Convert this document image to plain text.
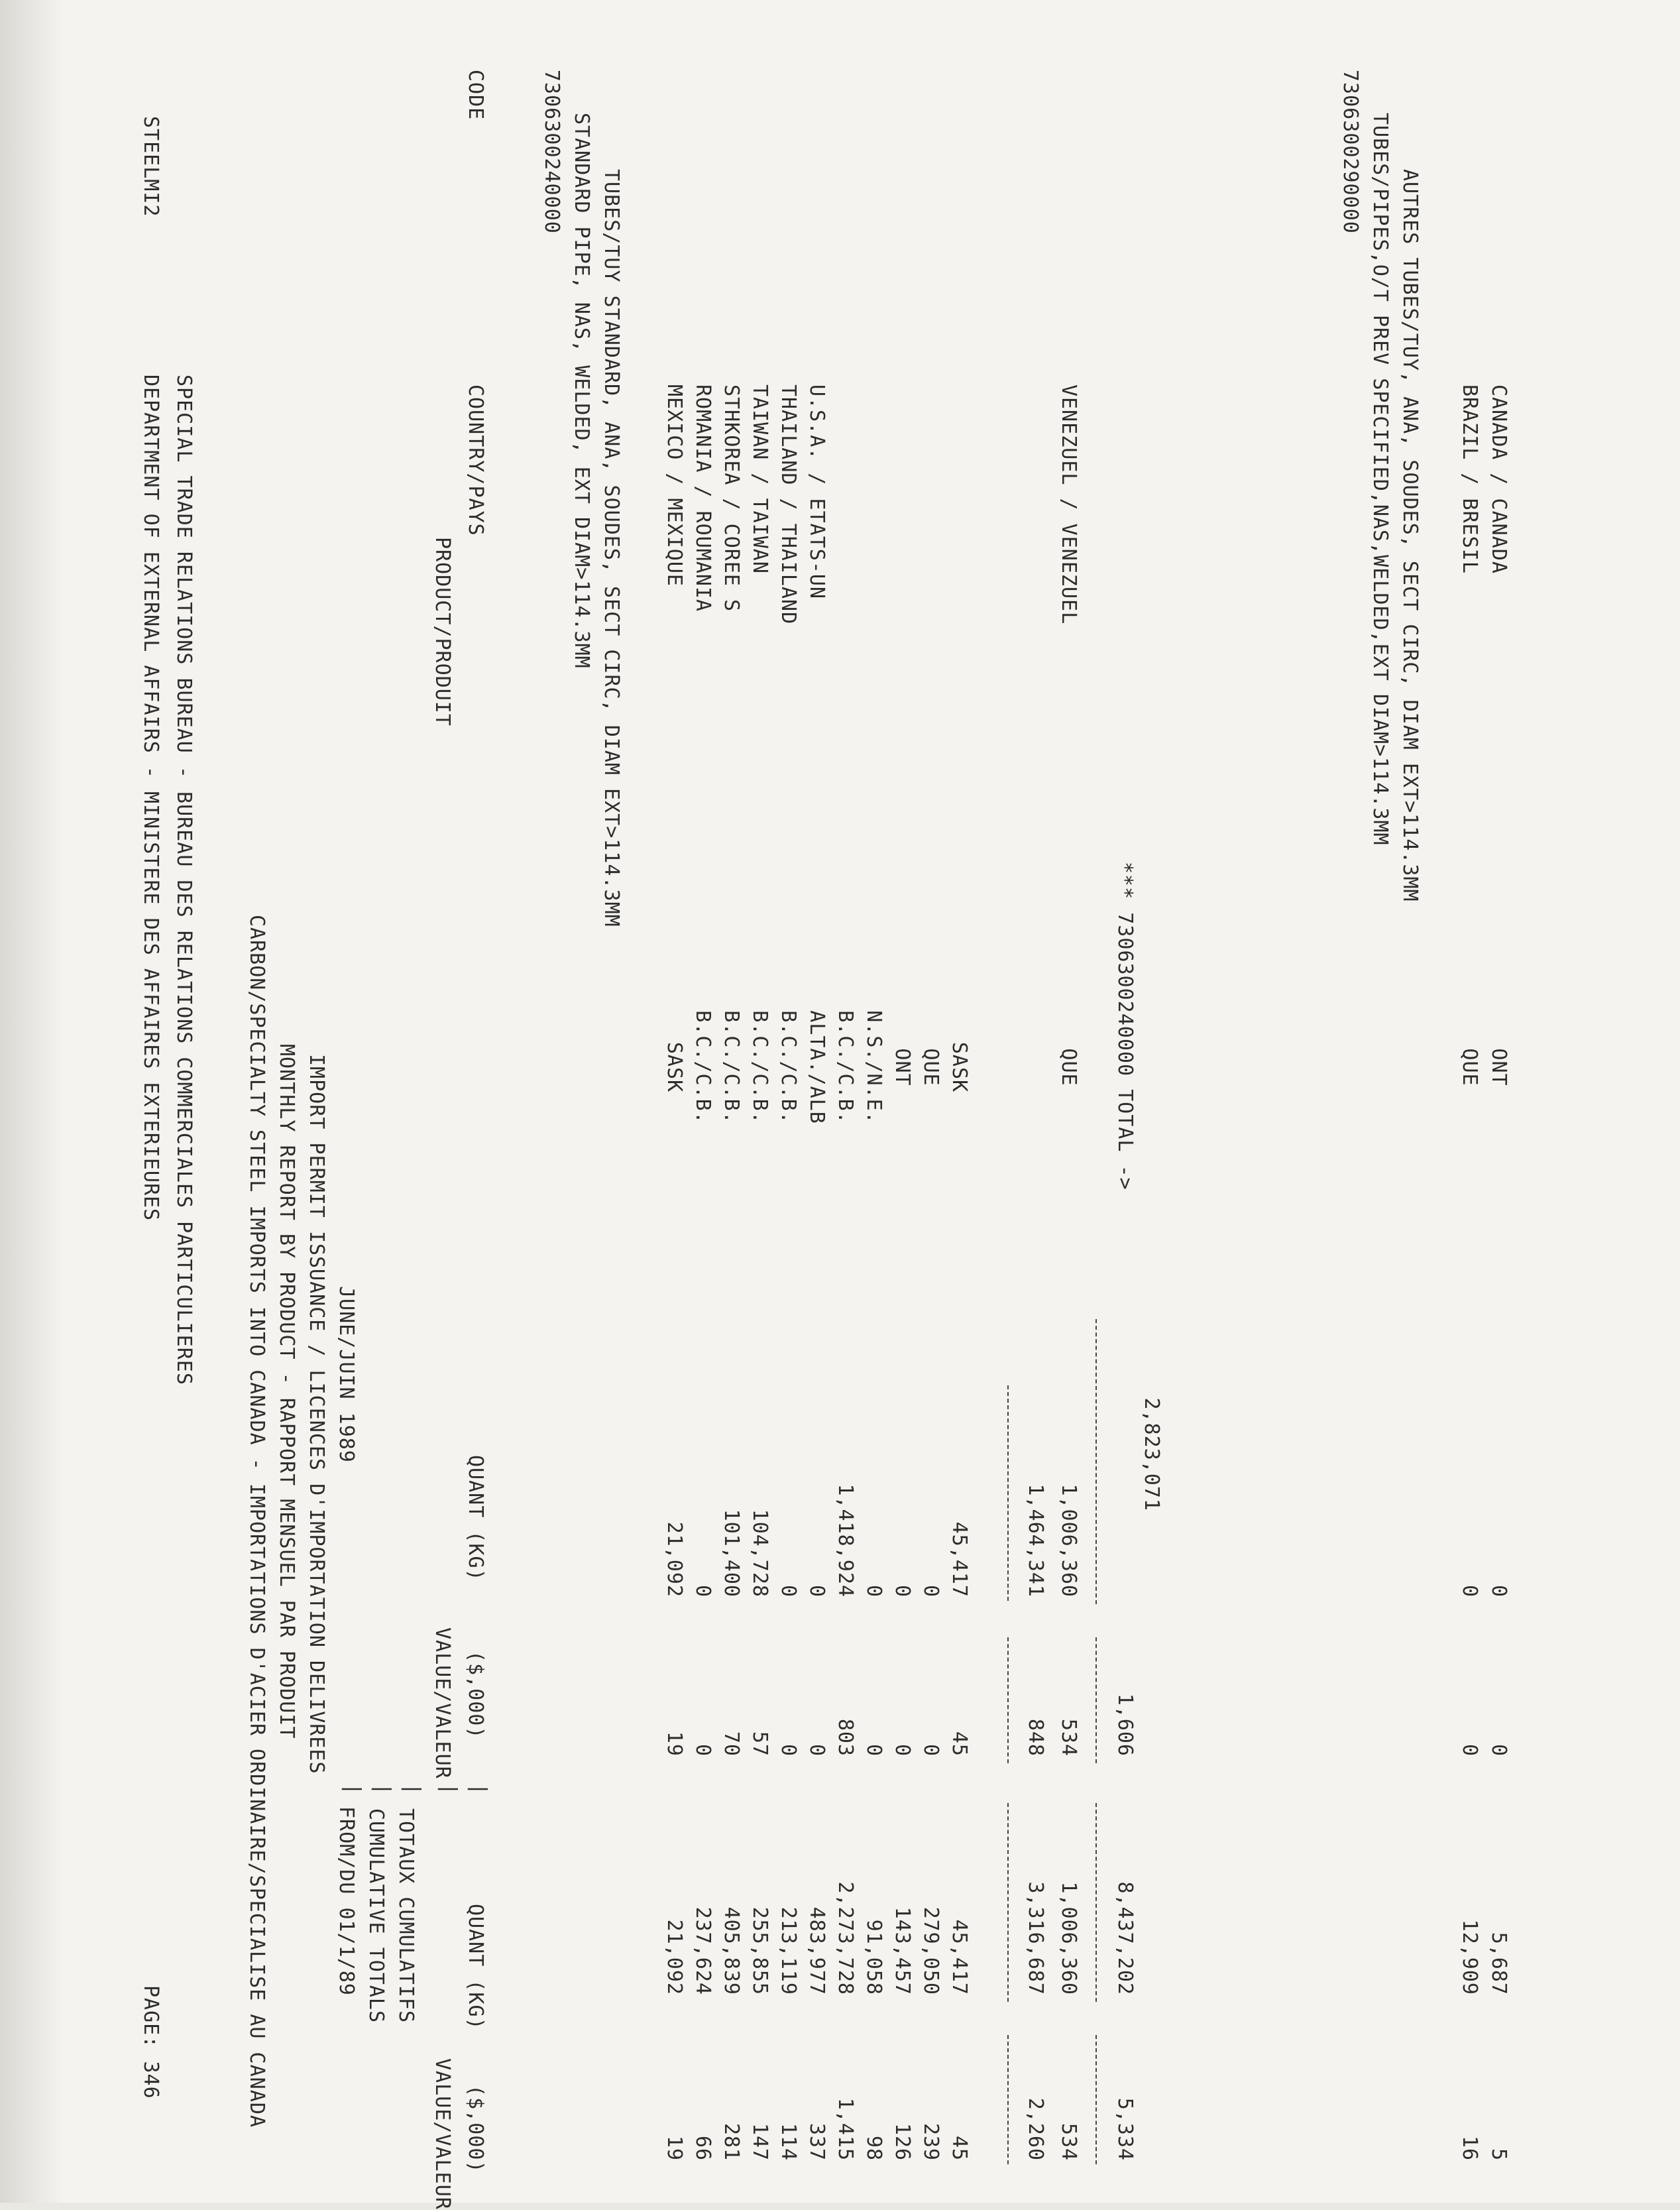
STEELMI2
DEPARTMENT OF EXTERNAL AFFAIRS - MINISTERE DES AFFAIRES EXTERIEURES SPECIAL TRADE RELATIONS BUREAU - BUREAU DES RELATIONS COMMERCIALES PARTICULIERES
PAGE: 346	CARBON/SPECIALTY STEEL IMPORTS INTO CANADA - IMPORTATIONS D'ACIER ORDINAIRE/SPECIALISE AU CANADA MONTHLY REPORT BY PRODUCT - RAPPORT MENSUEL PAR PRODUIT IMPORT PERMIT ISSUANCE / LICENCES D'IMPORTATION DELIVREES JUNE/JUIN 1989
FROM/DU 01/1/89 CUMULATIVE TOTALS TOTAUX CUMULATIFS
| | |
CODE
PRODUCT/PRODUIT
COUNTRY/PAYS
QUANT (KG)
VALUE/VALEUR ($,000)
| |
QUANT (KG)
VALUE/VALEUR ($,000)
7306300240000 STANDARD PIPE, NAS, WELDED, EXT DIAM>114.3MM TUBES/TUY STANDARD, ANA, SOUDES, SECT CIRC, DIAM EXT>114.3MM MEXICO / MEXIQUE
SASK
21,092
19
21,092
19
ROMANIA / ROUMANIA
B.C./C.B.
0
0
237,624
66
STHKOREA / COREE S
B.C./C.B.
101,400
70
405,839
281
TAIWAN / TAIWAN
B.C./C.B.
104,728
57
255,855
147
THAILAND / THAILAND
B.C./C.B.
0
0
213,119
114
U.S.A. / ETATS-UN
ALTA./ALB
0
0
483,977
337
B.C./C.B.
1,418,924
803
2,273,728
1,415
N.S./N.E.
0
0
91,058
98
ONT
0
0
143,457
126
QUE
0
0
279,050
239
SASK
45,417
45
45,417
45
1,464,341
848
3,316,687
2,260
VENEZUEL / VENEZUEL
QUE
1,006,360
534
1,006,360
534
*** 7306300240000 TOTAL ->
1,606
8,437,202
5,334
2,823,071
7306300290000 TUBES/PIPES,O/T PREV SPECIFIED,NAS,WELDED,EXT DIAM>114.3MM AUTRES TUBES/TUY, ANA, SOUDES, SECT CIRC, DIAM EXT>114.3MM BRAZIL / BRESIL
QUE
0
0
12,909
16
CANADA / CANADA
ONT
0
0
5,687
5
